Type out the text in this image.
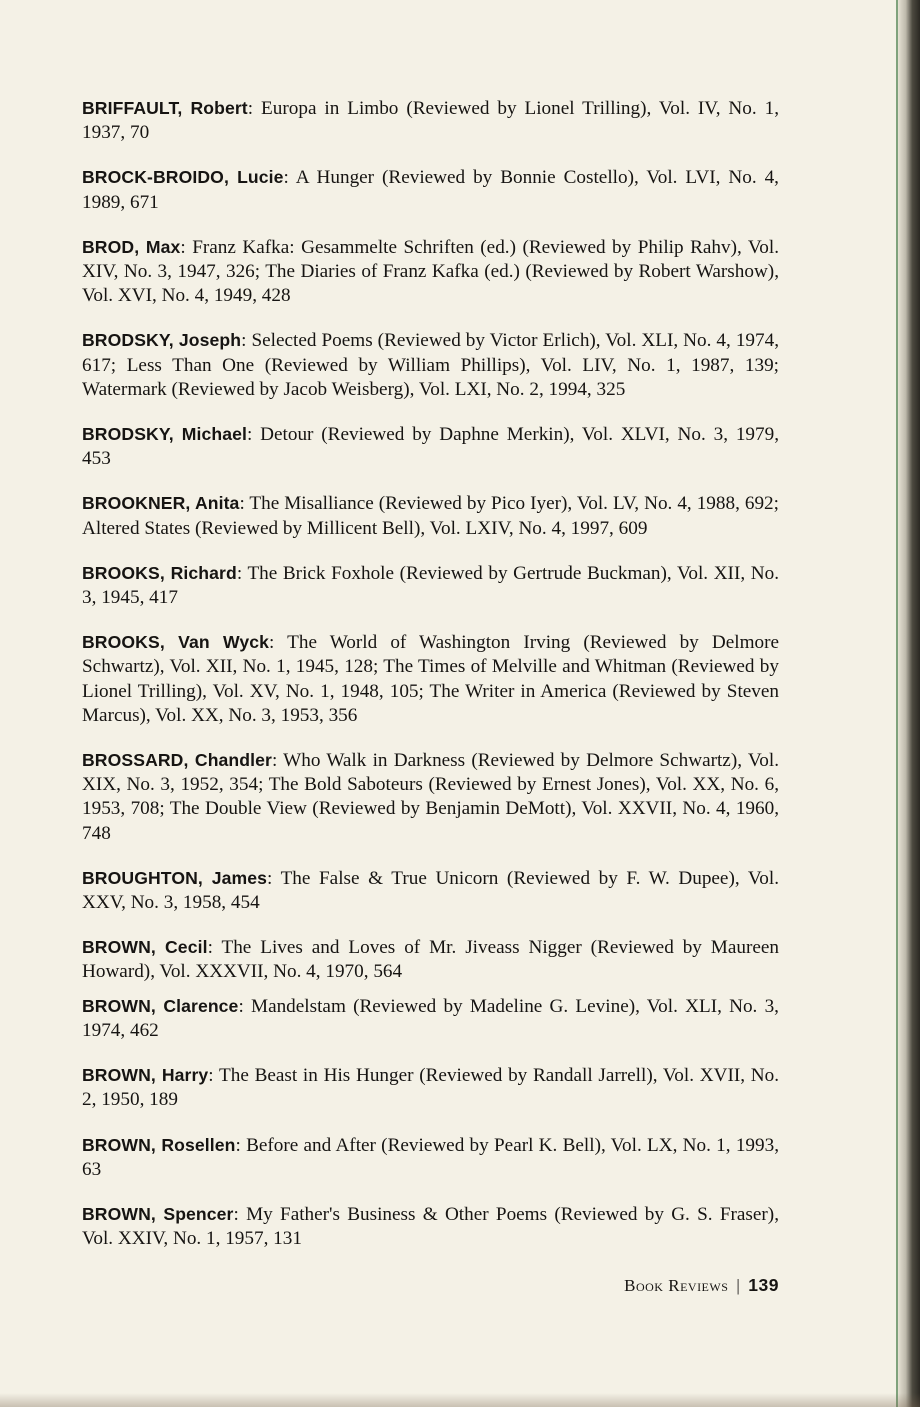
BRIFFAULT, Robert: Europa in Limbo (Reviewed by Lionel Trilling), Vol. IV, No. 1, 1937, 70

BROCK-BROIDO, Lucie: A Hunger (Reviewed by Bonnie Costello), Vol. LVI, No. 4, 1989, 671

BROD, Max: Franz Kafka: Gesammelte Schriften (ed.) (Reviewed by Philip Rahv), Vol. XIV, No. 3, 1947, 326; The Diaries of Franz Kafka (ed.) (Reviewed by Robert Warshow), Vol. XVI, No. 4, 1949, 428

BRODSKY, Joseph: Selected Poems (Reviewed by Victor Erlich), Vol. XLI, No. 4, 1974, 617; Less Than One (Reviewed by William Phillips), Vol. LIV, No. 1, 1987, 139; Watermark (Reviewed by Jacob Weisberg), Vol. LXI, No. 2, 1994, 325

BRODSKY, Michael: Detour (Reviewed by Daphne Merkin), Vol. XLVI, No. 3, 1979, 453

BROOKNER, Anita: The Misalliance (Reviewed by Pico Iyer), Vol. LV, No. 4, 1988, 692; Altered States (Reviewed by Millicent Bell), Vol. LXIV, No. 4, 1997, 609

BROOKS, Richard: The Brick Foxhole (Reviewed by Gertrude Buckman), Vol. XII, No. 3, 1945, 417

BROOKS, Van Wyck: The World of Washington Irving (Reviewed by Delmore Schwartz), Vol. XII, No. 1, 1945, 128; The Times of Melville and Whitman (Reviewed by Lionel Trilling), Vol. XV, No. 1, 1948, 105; The Writer in America (Reviewed by Steven Marcus), Vol. XX, No. 3, 1953, 356

BROSSARD, Chandler: Who Walk in Darkness (Reviewed by Delmore Schwartz), Vol. XIX, No. 3, 1952, 354; The Bold Saboteurs (Reviewed by Ernest Jones), Vol. XX, No. 6, 1953, 708; The Double View (Reviewed by Benjamin DeMott), Vol. XXVII, No. 4, 1960, 748

BROUGHTON, James: The False & True Unicorn (Reviewed by F. W. Dupee), Vol. XXV, No. 3, 1958, 454

BROWN, Cecil: The Lives and Loves of Mr. Jiveass Nigger (Reviewed by Maureen Howard), Vol. XXXVII, No. 4, 1970, 564

BROWN, Clarence: Mandelstam (Reviewed by Madeline G. Levine), Vol. XLI, No. 3, 1974, 462

BROWN, Harry: The Beast in His Hunger (Reviewed by Randall Jarrell), Vol. XVII, No. 2, 1950, 189

BROWN, Rosellen: Before and After (Reviewed by Pearl K. Bell), Vol. LX, No. 1, 1993, 63

BROWN, Spencer: My Father's Business & Other Poems (Reviewed by G. S. Fraser), Vol. XXIV, No. 1, 1957, 131

Book Reviews | 139
